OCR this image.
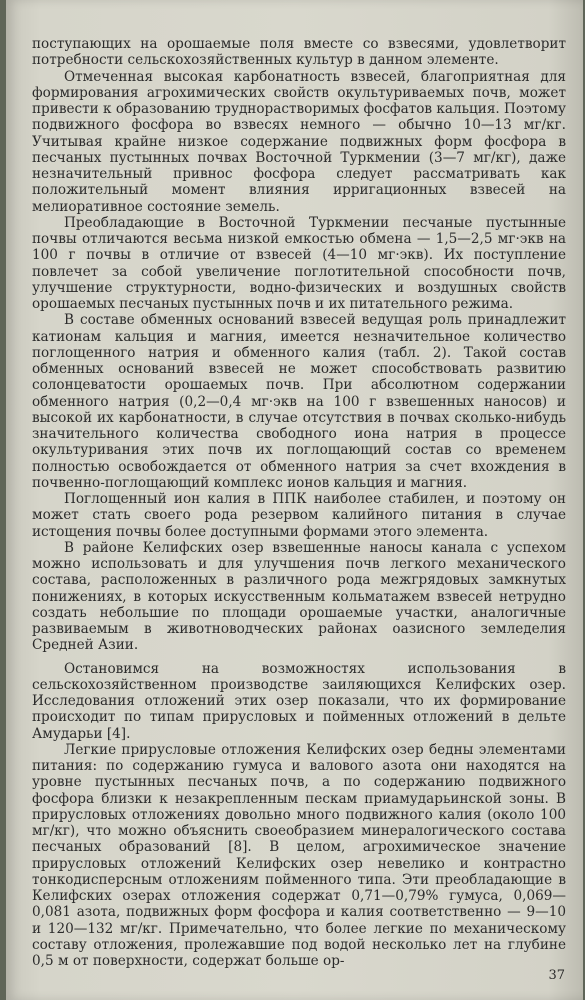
поступающих на орошаемые поля вместе со взвесями, удовлетворит потребности сельскохозяйственных культур в данном элементе.

Отмеченная высокая карбонатность взвесей, благоприятная для формирования агрохимических свойств окультуриваемых почв, может привести к образованию труднорастворимых фосфатов кальция. Поэтому подвижного фосфора во взвесях немного — обычно 10—13 мг/кг. Учитывая крайне низкое содержание подвижных форм фосфора в песчаных пустынных почвах Восточной Туркмении (3—7 мг/кг), даже незначительный привнос фосфора следует рассматривать как положительный момент влияния ирригационных взвесей на мелиоративное состояние земель.

Преобладающие в Восточной Туркмении песчаные пустынные почвы отличаются весьма низкой емкостью обмена — 1,5—2,5 мг·экв на 100 г почвы в отличие от взвесей (4—10 мг·экв). Их поступление повлечет за собой увеличение поглотительной способности почв, улучшение структурности, водно-физических и воздушных свойств орошаемых песчаных пустынных почв и их питательного режима.

В составе обменных оснований взвесей ведущая роль принадлежит катионам кальция и магния, имеется незначительное количество поглощенного натрия и обменного калия (табл. 2). Такой состав обменных оснований взвесей не может способствовать развитию солонцеватости орошаемых почв. При абсолютном содержании обменного натрия (0,2—0,4 мг·экв на 100 г взвешенных наносов) и высокой их карбонатности, в случае отсутствия в почвах сколько-нибудь значительного количества свободного иона натрия в процессе окультуривания этих почв их поглощающий состав со временем полностью освобождается от обменного натрия за счет вхождения в почвенно-поглощающий комплекс ионов кальция и магния.

Поглощенный ион калия в ППК наиболее стабилен, и поэтому он может стать своего рода резервом калийного питания в случае истощения почвы более доступными формами этого элемента.

В районе Келифских озер взвешенные наносы канала с успехом можно использовать и для улучшения почв легкого механического состава, расположенных в различного рода межгрядовых замкнутых понижениях, в которых искусственным кольматажем взвесей нетрудно создать небольшие по площади орошаемые участки, аналогичные развиваемым в животноводческих районах оазисного земледелия Средней Азии.

Остановимся на возможностях использования в сельскохозяйственном производстве заиляющихся Келифских озер. Исследования отложений этих озер показали, что их формирование происходит по типам прирусловых и пойменных отложений в дельте Амударьи [4].

Легкие прирусловые отложения Келифских озер бедны элементами питания: по содержанию гумуса и валового азота они находятся на уровне пустынных песчаных почв, а по содержанию подвижного фосфора близки к незакрепленным пескам приамударьинской зоны. В прирусловых отложениях довольно много подвижного калия (около 100 мг/кг), что можно объяснить своеобразием минералогического состава песчаных образований [8]. В целом, агрохимическое значение прирусловых отложений Келифских озер невелико и контрастно тонкодисперсным отложениям пойменного типа. Эти преобладающие в Келифских озерах отложения содержат 0,71—0,79% гумуса, 0,069—0,081 азота, подвижных форм фосфора и калия соответственно — 9—10 и 120—132 мг/кг. Примечательно, что более легкие по механическому составу отложения, пролежавшие под водой несколько лет на глубине 0,5 м от поверхности, содержат больше ор-

37
